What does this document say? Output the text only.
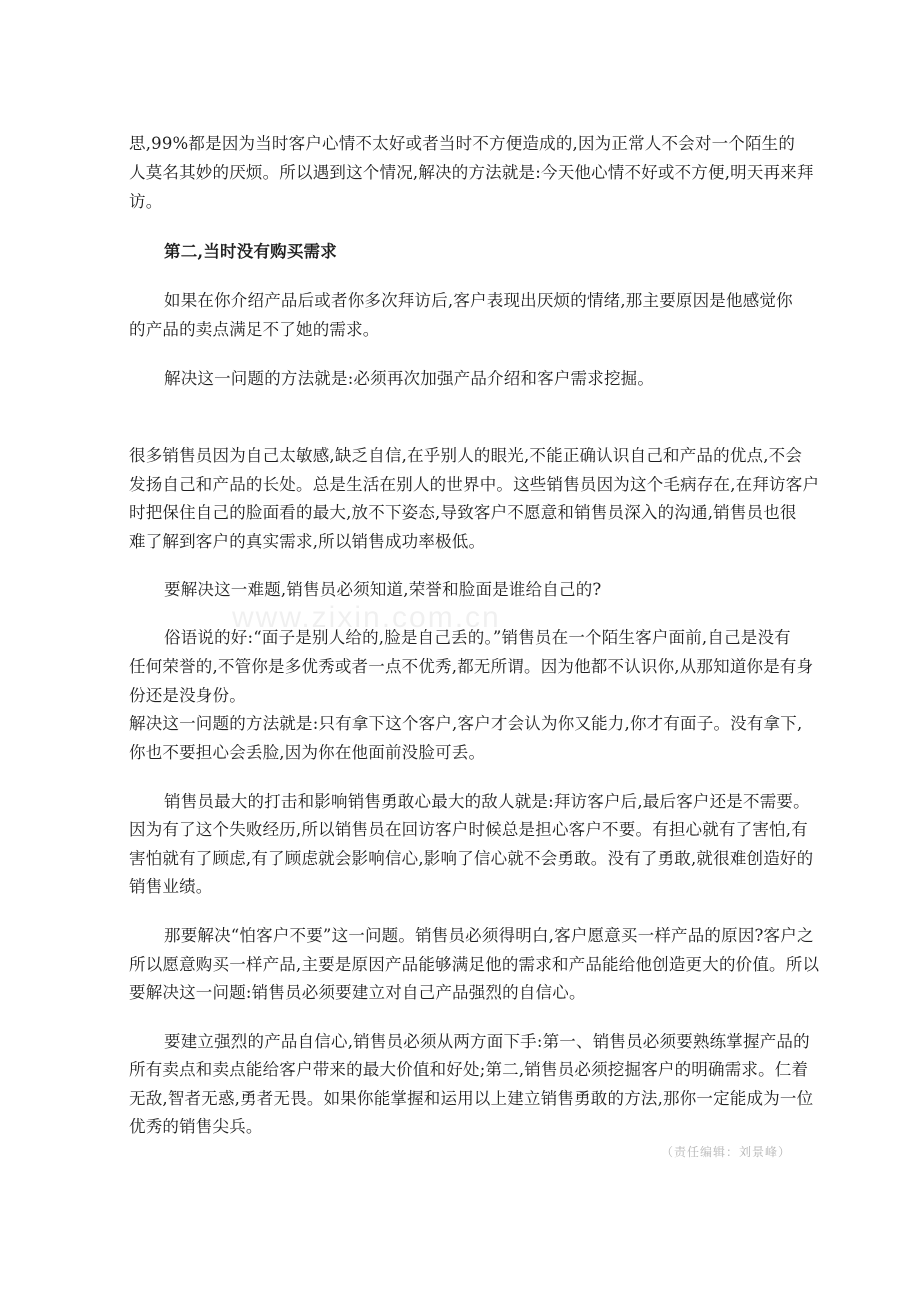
www.zixin.com.cn
思,99%都是因为当时客户心情不太好或者当时不方便造成的,因为正常人不会对一个陌生的
人莫名其妙的厌烦。所以遇到这个情况,解决的方法就是:今天他心情不好或不方便,明天再来拜
访。
第二,当时没有购买需求
如果在你介绍产品后或者你多次拜访后,客户表现出厌烦的情绪,那主要原因是他感觉你
的产品的卖点满足不了她的需求。
解决这一问题的方法就是:必须再次加强产品介绍和客户需求挖掘。
很多销售员因为自己太敏感,缺乏自信,在乎别人的眼光,不能正确认识自己和产品的优点,不会
发扬自己和产品的长处。总是生活在别人的世界中。这些销售员因为这个毛病存在,在拜访客户
时把保住自己的脸面看的最大,放不下姿态,导致客户不愿意和销售员深入的沟通,销售员也很
难了解到客户的真实需求,所以销售成功率极低。
要解决这一难题,销售员必须知道,荣誉和脸面是谁给自己的?
俗语说的好:“面子是别人给的,脸是自己丢的。”销售员在一个陌生客户面前,自己是没有
任何荣誉的,不管你是多优秀或者一点不优秀,都无所谓。因为他都不认识你,从那知道你是有身
份还是没身份。
解决这一问题的方法就是:只有拿下这个客户,客户才会认为你又能力,你才有面子。没有拿下,
你也不要担心会丢脸,因为你在他面前没脸可丢。
销售员最大的打击和影响销售勇敢心最大的敌人就是:拜访客户后,最后客户还是不需要。
因为有了这个失败经历,所以销售员在回访客户时候总是担心客户不要。有担心就有了害怕,有
害怕就有了顾虑,有了顾虑就会影响信心,影响了信心就不会勇敢。没有了勇敢,就很难创造好的
销售业绩。
那要解决“怕客户不要”这一问题。销售员必须得明白,客户愿意买一样产品的原因?客户之
所以愿意购买一样产品,主要是原因产品能够满足他的需求和产品能给他创造更大的价值。所以
要解决这一问题:销售员必须要建立对自己产品强烈的自信心。
要建立强烈的产品自信心,销售员必须从两方面下手:第一、销售员必须要熟练掌握产品的
所有卖点和卖点能给客户带来的最大价值和好处;第二,销售员必须挖掘客户的明确需求。仁着
无敌,智者无惑,勇者无畏。如果你能掌握和运用以上建立销售勇敢的方法,那你一定能成为一位
优秀的销售尖兵。
（责任编辑：刘景峰）
